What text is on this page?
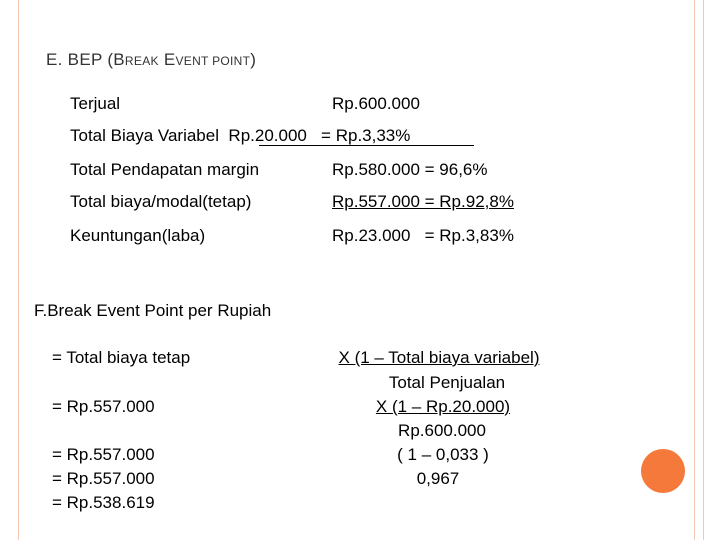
E. BEP (BREAK EVENT POINT)
Terjual	Rp.600.000
Total Biaya Variabel  Rp.20.000   = Rp.3,33%
Total Pendapatan margin	Rp.580.000 = 96,6%
Total biaya/modal(tetap)	Rp.557.000 = Rp.92,8%
Keuntungan(laba)	Rp.23.000   = Rp.3,83%
F.Break Event Point per Rupiah
= Total biaya tetap
= Rp.557.000
= Rp.557.000
= Rp.557.000
= Rp.538.619
X (1 – Total biaya variabel)
Total Penjualan
X (1 – Rp.20.000)
Rp.600.000
( 1 – 0,033 )
0,967
